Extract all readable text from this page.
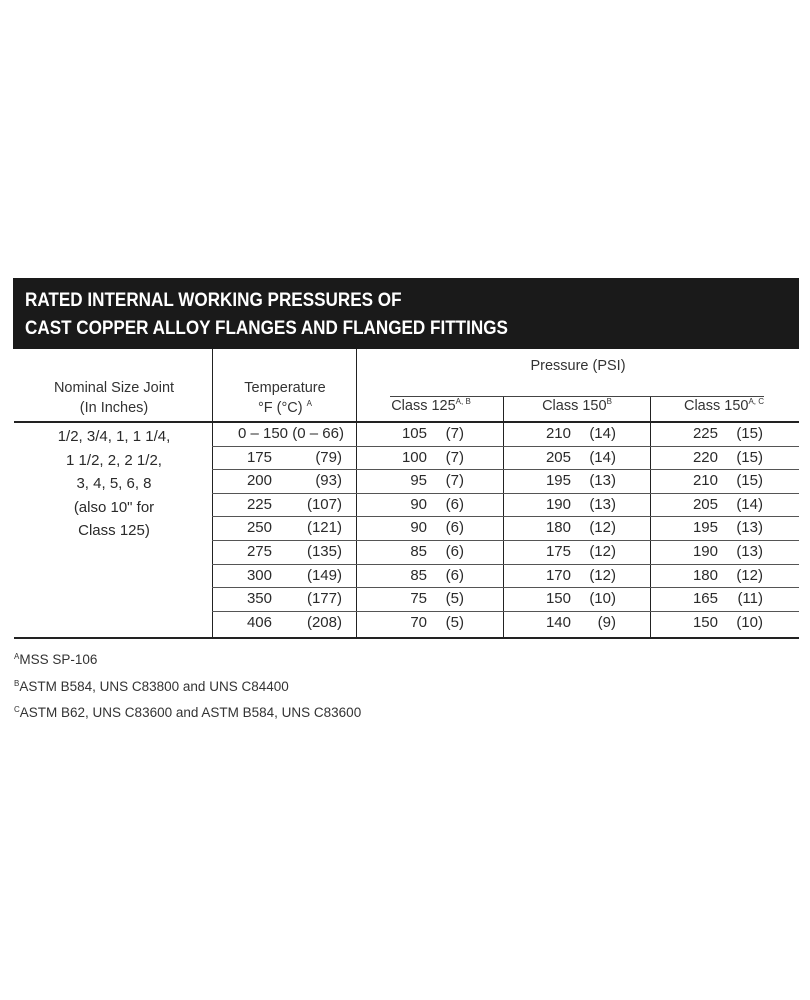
RATED INTERNAL WORKING PRESSURES OF
CAST COPPER ALLOY FLANGES AND FLANGED FITTINGS
Nominal Size Joint
(In Inches)
Temperature
°F (°C) $^A$
Pressure (PSI)
Class $125^{A, B}$	Class $150^B$	Class $150^{A, C}$
1/2, 3/4, 1, 1 1/4,
1 1/2, 2, 2 1/2,
3, 4, 5, 6, 8
(also 10" for
Class 125)
0 – 150 (0 – 66)	105 (7)	210 (14)	225 (15)
175	(79)	100 (7)	205 (14)	220 (15)
200	(93)	95 (7)	195 (13)	210 (15)
225 (107)	90 (6)	190 (13)	205 (14)
250 (121)	90 (6)	180 (12)	195 (13)
275 (135)	85 (6)	175 (12)	190 (13)
300 (149)	85 (6)	170 (12)	180 (12)
350 (177)	75 (5)	150 (10)	165 (11)
406 (208)	70 (5)	140 (9)	150 (10)
$^A$MSS SP-106
$^B$ASTM B584, UNS C83800 and UNS C84400
$^C$ASTM B62, UNS C83600 and ASTM B584, UNS C83600
